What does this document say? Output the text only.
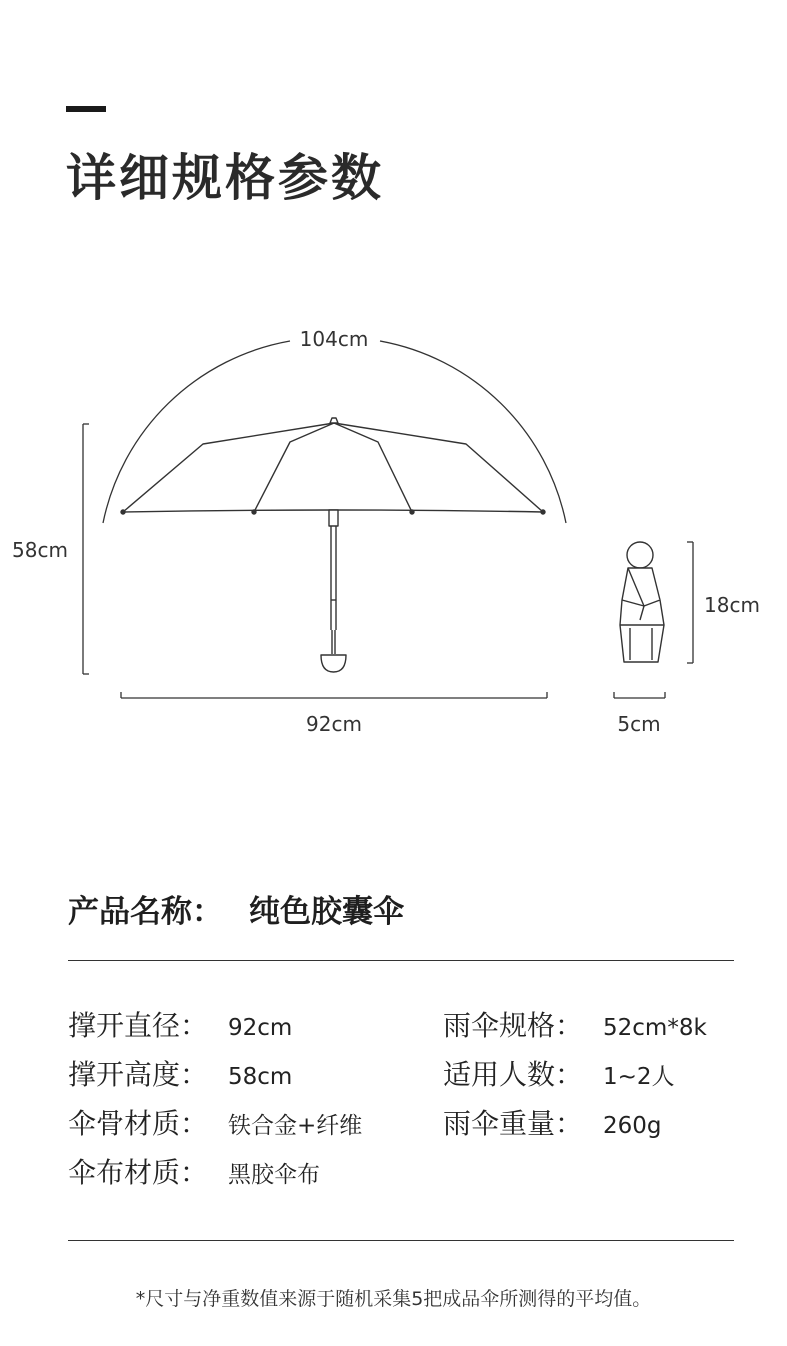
详细规格参数
104cm
58cm
92cm
18cm
5cm
产品名称： 纯色胶囊伞
撑开直径： 92cm
撑开高度： 58cm
伞骨材质： 铁合金+纤维
伞布材质： 黑胶伞布
雨伞规格： 52cm*8k
适用人数： 1~2人
雨伞重量： 260g
*尺寸与净重数值来源于随机采集5把成品伞所测得的平均值。
